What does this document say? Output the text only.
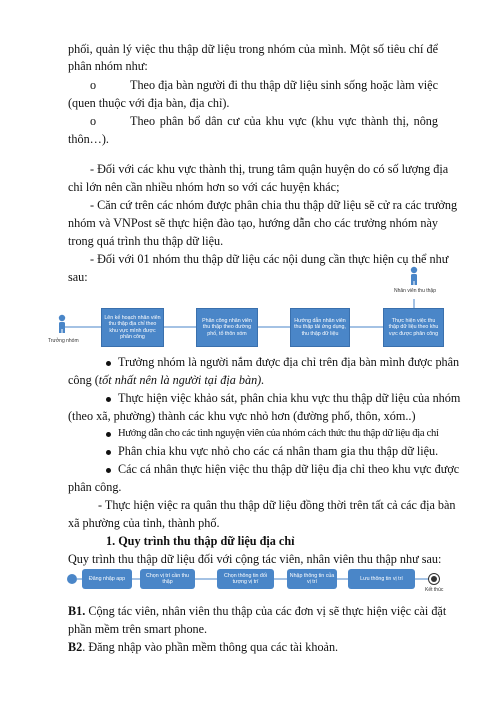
phối, quản lý việc thu thập dữ liệu trong nhóm của mình. Một số tiêu chí để
phân nhóm như:
o	Theo địa bàn người đi thu thập dữ liệu sinh sống hoặc làm việc
(quen thuộc với địa bàn, địa chỉ).
o	Theo phân bổ dân cư của khu vực (khu vực thành thị, nông
thôn…).
- Đối với các khu vực thành thị, trung tâm quận huyện do có số lượng địa
chỉ lớn nên cần nhiều nhóm hơn so với các huyện khác;
- Căn cứ trên các nhóm được phân chia thu thập dữ liệu sẽ cử ra các trưởng
nhóm và VNPost sẽ thực hiện đào tạo, hướng dẫn cho các trưởng nhóm này
trong quá trình thu thập dữ liệu.
- Đối với 01 nhóm thu thập dữ liệu các nội dung cần thực hiện cụ thể như
sau:
Nhân viên thu thập
Trưởng nhóm
Lên kế hoạch nhân viên thu thập địa chỉ theo khu vực mình được phân công
Phân công nhân viên thu thập theo đường phố, tổ thôn xóm
Hướng dẫn nhân viên thu thập tải ứng dụng, thu thập dữ liệu
Thực hiện việc thu thập dữ liệu theo khu vực được phân công
Trưởng nhóm là người nắm được địa chỉ trên địa bàn mình được phân
công (tốt nhất nên là người tại địa bàn).
Thực hiện việc khảo sát, phân chia khu vực thu thập dữ liệu của nhóm
(theo xã, phường) thành các khu vực nhỏ hơn (đường phố, thôn, xóm..)
Hướng dẫn cho các tình nguyện viên của nhóm cách thức thu thập dữ liệu địa chỉ
Phân chia khu vực nhỏ cho các cá nhân tham gia thu thập dữ liệu.
Các cá nhân thực hiện việc thu thập dữ liệu địa chỉ theo khu vực được
phân công.
- Thực hiện việc ra quân thu thập dữ liệu đồng thời trên tất cả các địa bàn
xã phường của tỉnh, thành phố.
1. Quy trình thu thập dữ liệu địa chỉ
Quy trình thu thập dữ liệu đối với cộng tác viên, nhân viên thu thập như sau:
Đăng nhập app
Chọn vị trí cần thu thập
Chọn thông tin đối tượng vị trí
Nhập thông tin của vị trí
Lưu thông tin vị trí
Kết thúc
B1. Cộng tác viên, nhân viên thu thập của các đơn vị sẽ thực hiện việc cài đặt
phần mềm trên smart phone.
B2. Đăng nhập vào phần mềm thông qua các tài khoản.
